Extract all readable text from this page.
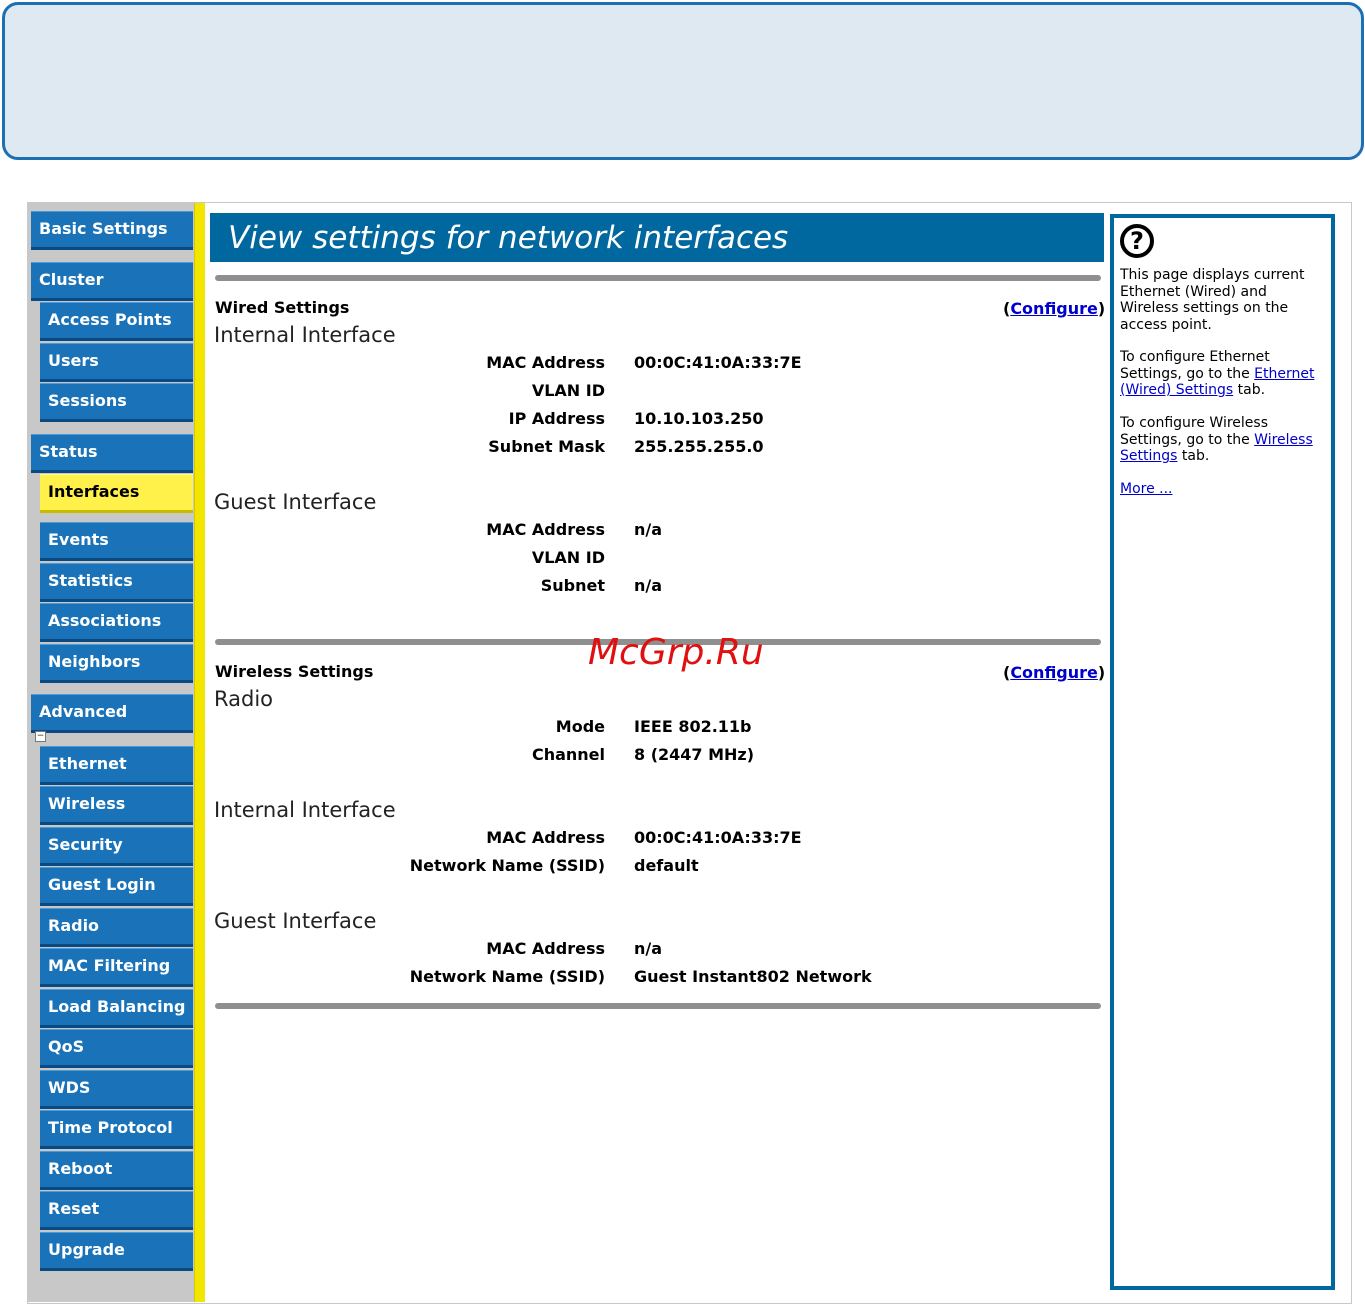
Basic Settings
Cluster
Access Points
Users
Sessions
Status
Interfaces
Events
Statistics
Associations
Neighbors
Advanced
−
Ethernet
Wireless
Security
Guest Login
Radio
MAC Filtering
Load Balancing
QoS
WDS
Time Protocol
Reboot
Reset
Upgrade
View settings for network interfaces
Wired Settings	(Configure)
Internal Interface
MAC Address 00:0C:41:0A:33:7E
VLAN ID
IP Address 10.10.103.250
Subnet Mask 255.255.255.0
Guest Interface
MAC Address n/a
VLAN ID
Subnet n/a
Wireless Settings	(Configure)
Radio
Mode IEEE 802.11b
Channel 8 (2447 MHz)
Internal Interface
MAC Address 00:0C:41:0A:33:7E
Network Name (SSID) default
Guest Interface
MAC Address n/a
Network Name (SSID) Guest Instant802 Network
?
This page displays current Ethernet (Wired) and Wireless settings on the access point.
To configure Ethernet Settings, go to the Ethernet (Wired) Settings tab.
To configure Wireless Settings, go to the Wireless Settings tab.
More ...
McGrp.Ru
